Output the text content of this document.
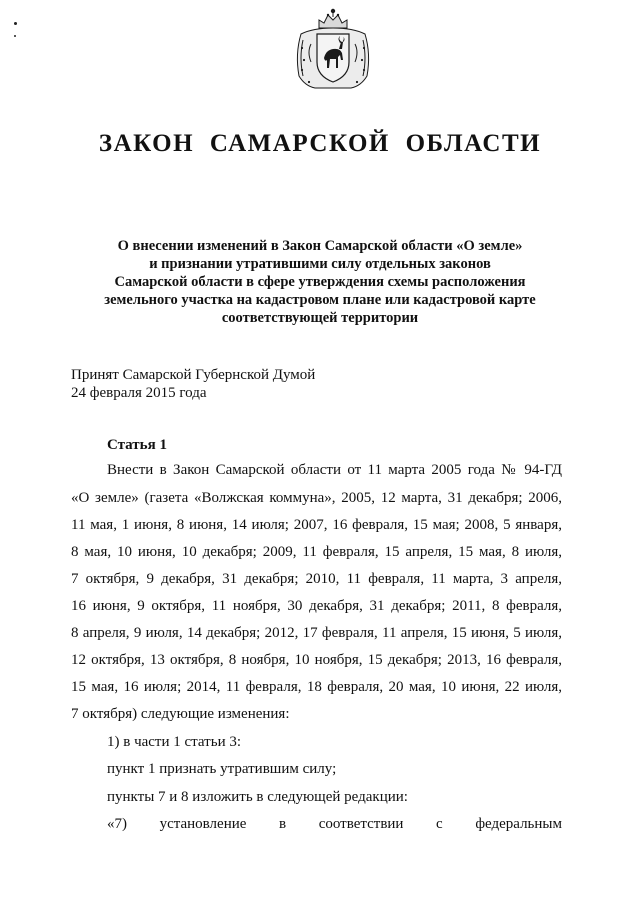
ЗАКОН САМАРСКОЙ ОБЛАСТИ
О внесении изменений в Закон Самарской области «О земле»
и признании утратившими силу отдельных законов
Самарской области в сфере утверждения схемы расположения
земельного участка на кадастровом плане или кадастровой карте
соответствующей территории
Принят Самарской Губернской Думой
24 февраля 2015 года
Статья 1
Внести в Закон Самарской области от 11 марта 2005 года № 94-ГД
«О земле» (газета «Волжская коммуна», 2005, 12 марта, 31 декабря; 2006,
11 мая, 1 июня, 8 июня, 14 июля; 2007, 16 февраля, 15 мая; 2008, 5 января,
8 мая, 10 июня, 10 декабря; 2009, 11 февраля, 15 апреля, 15 мая, 8 июля,
7 октября, 9 декабря, 31 декабря; 2010, 11 февраля, 11 марта, 3 апреля,
16 июня, 9 октября, 11 ноября, 30 декабря, 31 декабря; 2011, 8 февраля,
8 апреля, 9 июля, 14 декабря; 2012, 17 февраля, 11 апреля, 15 июня, 5 июля,
12 октября, 13 октября, 8 ноября, 10 ноября, 15 декабря; 2013, 16 февраля,
15 мая, 16 июля; 2014, 11 февраля, 18 февраля, 20 мая, 10 июня, 22 июля,
7 октября) следующие изменения:
1) в части 1 статьи 3:
пункт 1 признать утратившим силу;
пункты 7 и 8 изложить в следующей редакции:
«7) установление в соответствии с федеральным
